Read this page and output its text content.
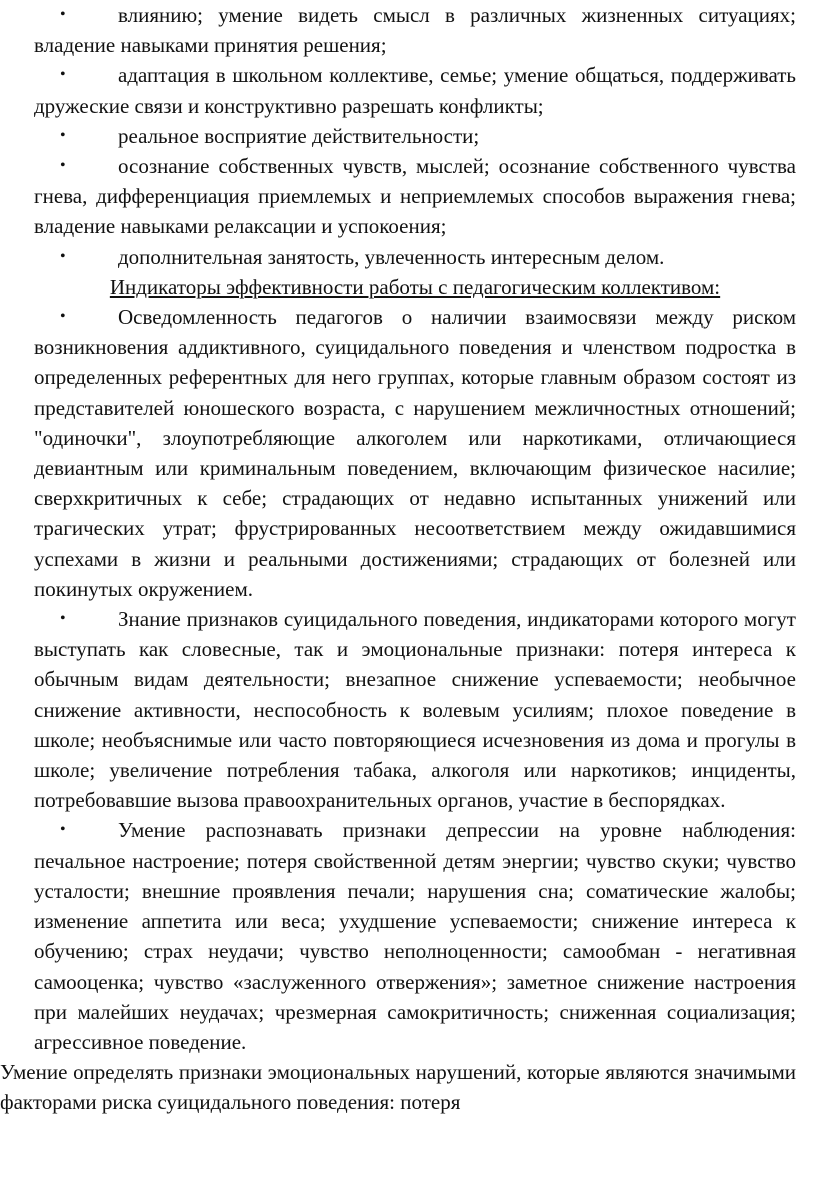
• влиянию; умение видеть смысл в различных жизненных ситуациях; владение навыками принятия решения;
• адаптация в школьном коллективе, семье; умение общаться, поддерживать дружеские связи и конструктивно разрешать конфликты;
• реальное восприятие действительности;
• осознание собственных чувств, мыслей; осознание собственного чувства гнева, дифференциация приемлемых и неприемлемых способов выражения гнева; владение навыками релаксации и успокоения;
• дополнительная занятость, увлеченность интересным делом.
Индикаторы эффективности работы с педагогическим коллективом:
• Осведомленность педагогов о наличии взаимосвязи между риском возникновения аддиктивного, суицидального поведения и членством подростка в определенных референтных для него группах, которые главным образом состоят из представителей юношеского возраста, с нарушением межличностных отношений; "одиночки", злоупотребляющие алкоголем или наркотиками, отличающиеся девиантным или криминальным поведением, включающим физическое насилие; сверхкритичных к себе; страдающих от недавно испытанных унижений или трагических утрат; фрустрированных несоответствием между ожидавшимися успехами в жизни и реальными достижениями; страдающих от болезней или покинутых окружением.
• Знание признаков суицидального поведения, индикаторами которого могут выступать как словесные, так и эмоциональные признаки: потеря интереса к обычным видам деятельности; внезапное снижение успеваемости; необычное снижение активности, неспособность к волевым усилиям; плохое поведение в школе; необъяснимые или часто повторяющиеся исчезновения из дома и прогулы в школе; увеличение потребления табака, алкоголя или наркотиков; инциденты, потребовавшие вызова правоохранительных органов, участие в беспорядках.
• Умение распознавать признаки депрессии на уровне наблюдения: печальное настроение; потеря свойственной детям энергии; чувство скуки; чувство усталости; внешние проявления печали; нарушения сна; соматические жалобы; изменение аппетита или веса; ухудшение успеваемости; снижение интереса к обучению; страх неудачи; чувство неполноценности; самообман - негативная самооценка; чувство «заслуженного отвержения»; заметное снижение настроения при малейших неудачах; чрезмерная самокритичность; сниженная социализация; агрессивное поведение.
Умение определять признаки эмоциональных нарушений, которые являются значимыми факторами риска суицидального поведения: потеря
